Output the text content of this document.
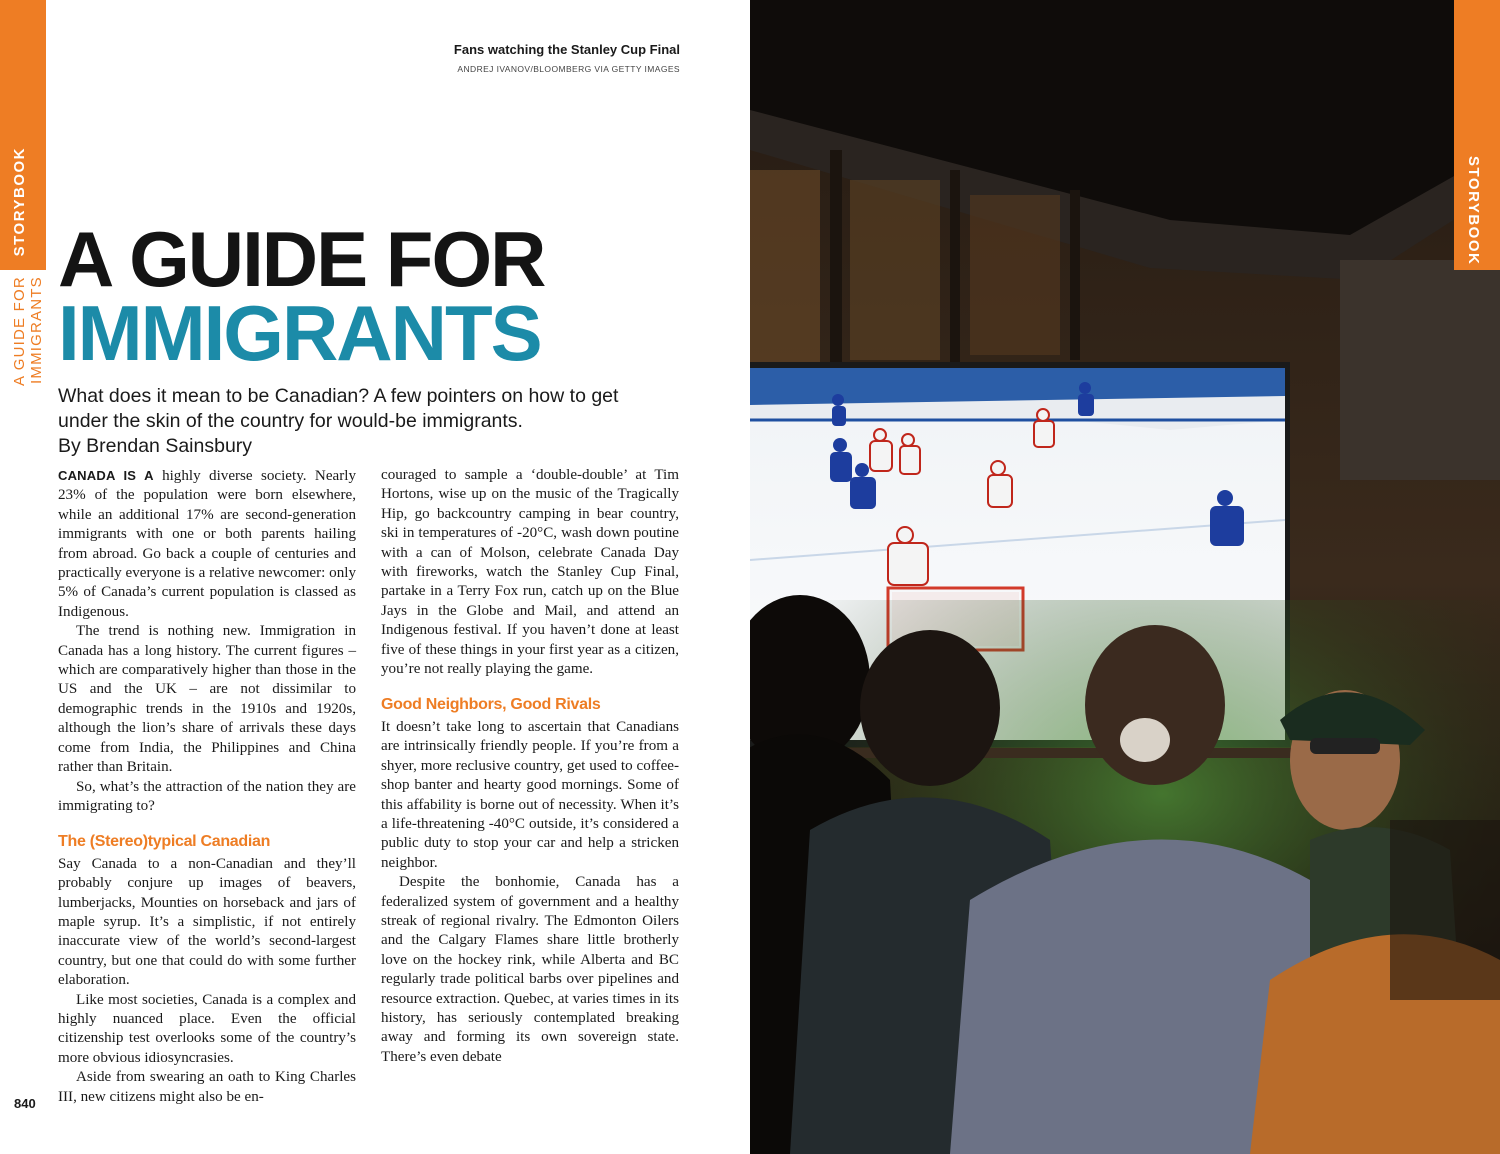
STORYBOOK
A GUIDE FOR IMMIGRANTS
Fans watching the Stanley Cup Final
ANDREJ IVANOV/BLOOMBERG VIA GETTY IMAGES
A GUIDE FOR
IMMIGRANTS
What does it mean to be Canadian? A few pointers on how to get under the skin of the country for would-be immigrants.
By Brendan Sainsbury

CANADA IS A highly diverse society. Nearly 23% of the population were born elsewhere, while an additional 17% are second-generation immigrants with one or both parents hailing from abroad. Go back a couple of centuries and practically everyone is a relative newcomer: only 5% of Canada’s current population is classed as Indigenous.

The trend is nothing new. Immigration in Canada has a long history. The current figures – which are comparatively higher than those in the US and the UK – are not dissimilar to demographic trends in the 1910s and 1920s, although the lion’s share of arrivals these days come from India, the Philippines and China rather than Britain.

So, what’s the attraction of the nation they are immigrating to?

The (Stereo)typical Canadian

Say Canada to a non-Canadian and they’ll probably conjure up images of beavers, lumberjacks, Mounties on horseback and jars of maple syrup. It’s a simplistic, if not entirely inaccurate view of the world’s second-largest country, but one that could do with some further elaboration.

Like most societies, Canada is a complex and highly nuanced place. Even the official citizenship test overlooks some of the country’s more obvious idiosyncrasies.

Aside from swearing an oath to King Charles III, new citizens might also be en-

couraged to sample a ‘double-double’ at Tim Hortons, wise up on the music of the Tragically Hip, go backcountry camping in bear country, ski in temperatures of -20°C, wash down poutine with a can of Molson, celebrate Canada Day with fireworks, watch the Stanley Cup Final, partake in a Terry Fox run, catch up on the Blue Jays in the Globe and Mail, and attend an Indigenous festival. If you haven’t done at least five of these things in your first year as a citizen, you’re not really playing the game.

Good Neighbors, Good Rivals

It doesn’t take long to ascertain that Canadians are intrinsically friendly people. If you’re from a shyer, more reclusive country, get used to coffee-shop banter and hearty good mornings. Some of this affability is borne out of necessity. When it’s a life-threatening -40°C outside, it’s considered a public duty to stop your car and help a stricken neighbor.

Despite the bonhomie, Canada has a federalized system of government and a healthy streak of regional rivalry. The Edmonton Oilers and the Calgary Flames share little brotherly love on the hockey rink, while Alberta and BC regularly trade political barbs over pipelines and resource extraction. Quebec, at varies times in its history, has seriously contemplated breaking away and forming its own sovereign state. There’s even debate

840
STORYBOOK
